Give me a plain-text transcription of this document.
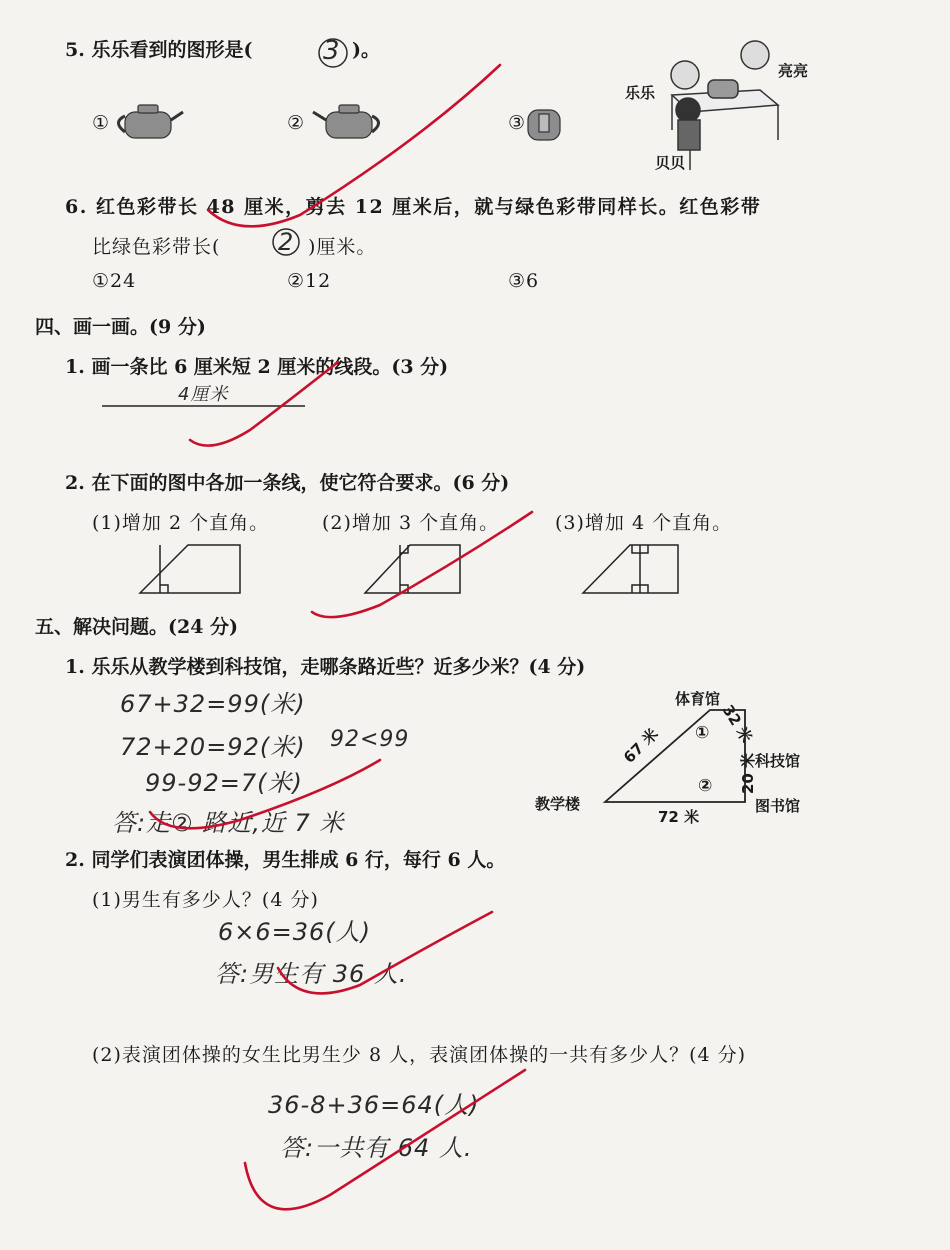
5. 乐乐看到的图形是(	3 )。
①	②	③
乐乐
亮亮
贝贝
6. 红色彩带长 48 厘米，剪去 12 厘米后，就与绿色彩带同样长。红色彩带
比绿色彩带长( 2 )厘米。
①24	②12	③6
四、画一画。(9 分)
1. 画一条比 6 厘米短 2 厘米的线段。(3 分)
4厘米
2. 在下面的图中各加一条线，使它符合要求。(6 分)
(1)增加 2 个直角。	(2)增加 3 个直角。	(3)增加 4 个直角。
五、解决问题。(24 分)
1. 乐乐从教学楼到科技馆，走哪条路近些？近多少米？(4 分)
67+32=99(米)
72+20=92(米) 92<99
99-92=7(米)
答:走② 路近,近 7 米
体育馆
科技馆
图书馆
教学楼
67 米	32 米
20 米
72 米
①
②
2. 同学们表演团体操，男生排成 6 行，每行 6 人。
(1)男生有多少人？(4 分)
6×6=36(人)
答:男生有 36 人.
(2)表演团体操的女生比男生少 8 人，表演团体操的一共有多少人？(4 分)
36-8+36=64(人)
答:一共有 64 人.
